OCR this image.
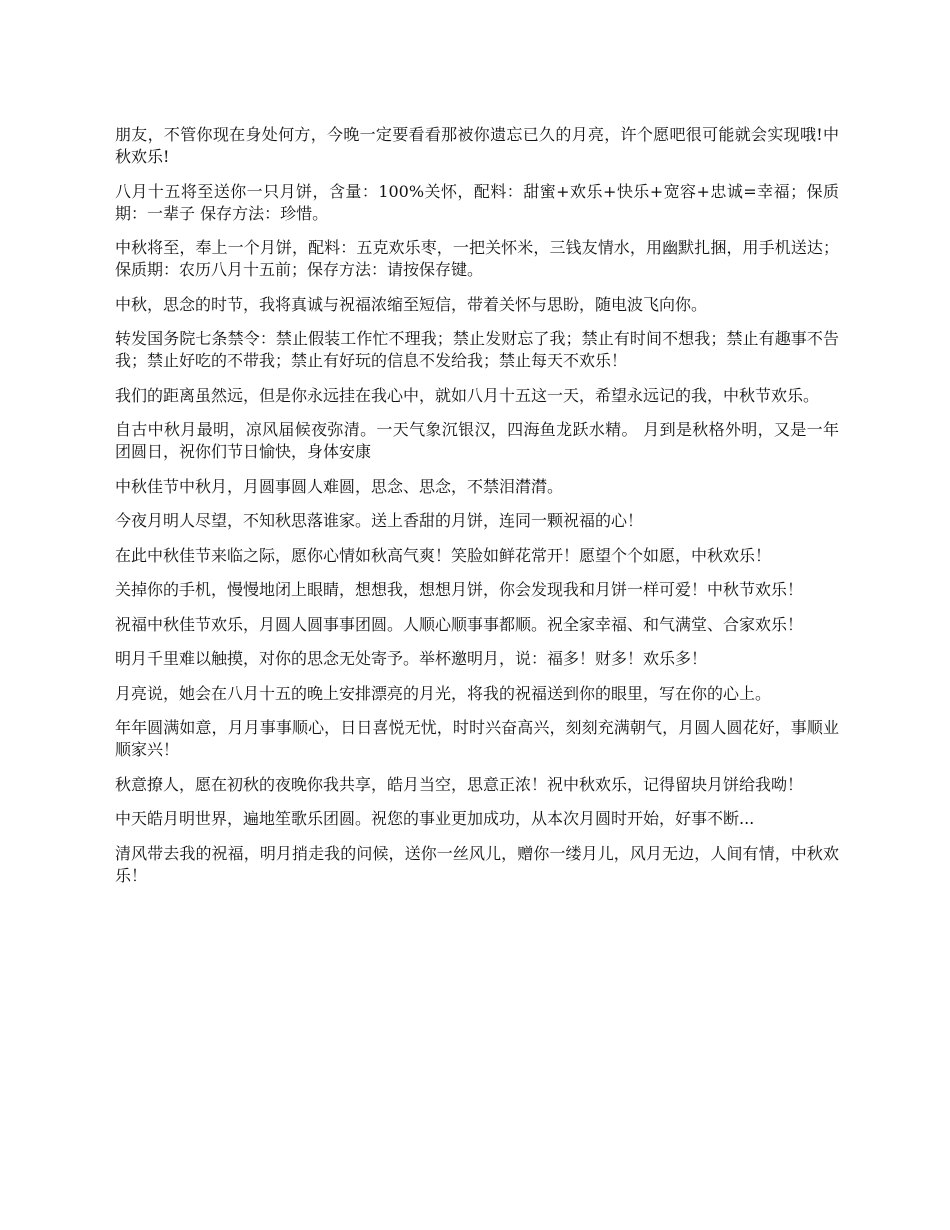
朋友，不管你现在身处何方，今晚一定要看看那被你遗忘已久的月亮，许个愿吧很可能就会实现哦!中秋欢乐!

八月十五将至送你一只月饼，含量：100%关怀，配料：甜蜜+欢乐+快乐+宽容+忠诚=幸福；保质期：一辈子 保存方法：珍惜。

中秋将至，奉上一个月饼，配料：五克欢乐枣，一把关怀米，三钱友情水，用幽默扎捆，用手机送达；保质期：农历八月十五前；保存方法：请按保存键。

中秋，思念的时节，我将真诚与祝福浓缩至短信，带着关怀与思盼，随电波飞向你。

转发国务院七条禁令：禁止假装工作忙不理我；禁止发财忘了我；禁止有时间不想我；禁止有趣事不告我；禁止好吃的不带我；禁止有好玩的信息不发给我；禁止每天不欢乐！

我们的距离虽然远，但是你永远挂在我心中，就如八月十五这一天，希望永远记的我，中秋节欢乐。

自古中秋月最明，凉风届候夜弥清。一天气象沉银汉，四海鱼龙跃水精。 月到是秋格外明，又是一年团圆日，祝你们节日愉快，身体安康

中秋佳节中秋月，月圆事圆人难圆，思念、思念，不禁泪潸潸。

今夜月明人尽望，不知秋思落谁家。送上香甜的月饼，连同一颗祝福的心！

在此中秋佳节来临之际，愿你心情如秋高气爽！笑脸如鲜花常开！愿望个个如愿，中秋欢乐！

关掉你的手机，慢慢地闭上眼睛，想想我，想想月饼，你会发现我和月饼一样可爱！中秋节欢乐！

祝福中秋佳节欢乐，月圆人圆事事团圆。人顺心顺事事都顺。祝全家幸福、和气满堂、合家欢乐！

明月千里难以触摸，对你的思念无处寄予。举杯邀明月，说：福多！财多！欢乐多！

月亮说，她会在八月十五的晚上安排漂亮的月光，将我的祝福送到你的眼里，写在你的心上。

年年圆满如意，月月事事顺心，日日喜悦无忧，时时兴奋高兴，刻刻充满朝气，月圆人圆花好，事顺业顺家兴！

秋意撩人，愿在初秋的夜晚你我共享，皓月当空，思意正浓！祝中秋欢乐，记得留块月饼给我呦！

中天皓月明世界，遍地笙歌乐团圆。祝您的事业更加成功，从本次月圆时开始，好事不断...

清风带去我的祝福，明月捎走我的问候，送你一丝风儿，赠你一缕月儿，风月无边，人间有情，中秋欢乐！
